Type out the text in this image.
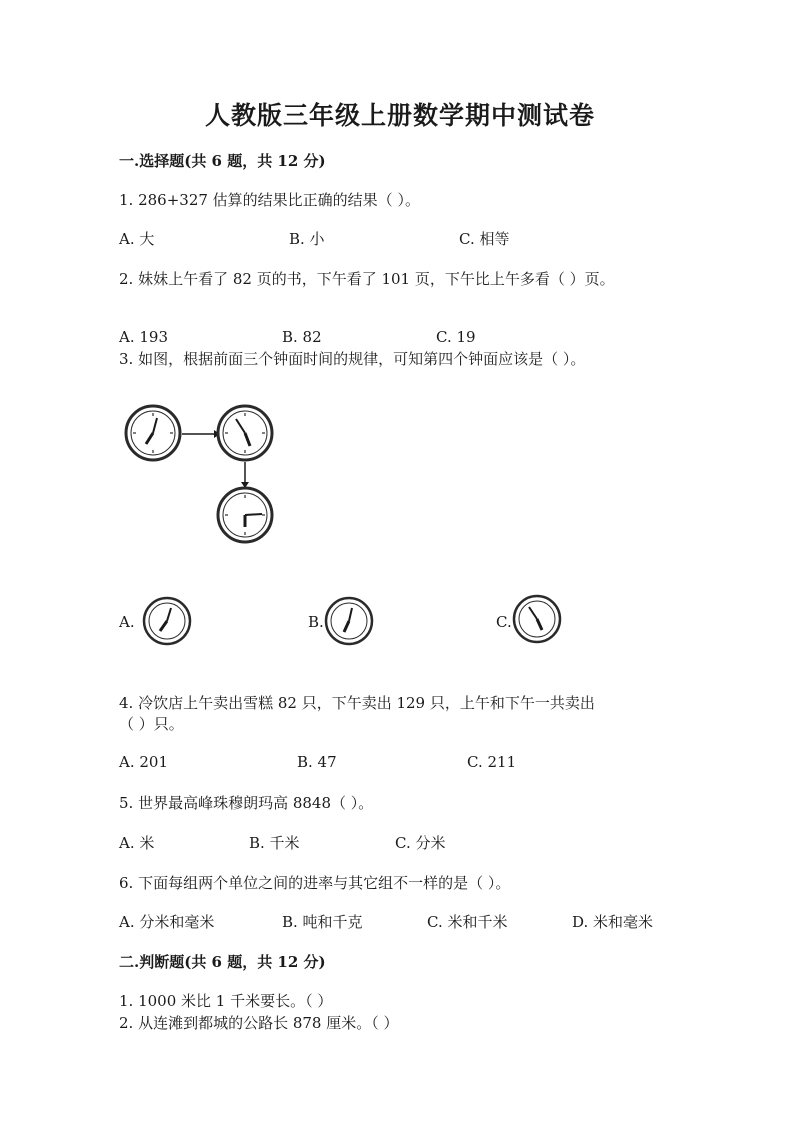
人教版三年级上册数学期中测试卷
一.选择题(共 6 题，共 12 分)
1. 286+327 估算的结果比正确的结果（ ）。
A. 大	B. 小	C. 相等
2. 妹妹上午看了 82 页的书，下午看了 101 页，下午比上午多看（ ）页。
A. 193	B. 82	C. 19
3. 如图，根据前面三个钟面时间的规律，可知第四个钟面应该是（ ）。
A.	B.	C.
4. 冷饮店上午卖出雪糕 82 只，下午卖出 129 只，上午和下午一共卖出
（ ）只。
A. 201	B. 47	C. 211
5. 世界最高峰珠穆朗玛高 8848（ ）。
A. 米	B. 千米	C. 分米
6. 下面每组两个单位之间的进率与其它组不一样的是（ ）。
A. 分米和毫米	B. 吨和千克	C. 米和千米	D. 米和毫米
二.判断题(共 6 题，共 12 分)
1. 1000 米比 1 千米要长。（ ）
2. 从连滩到都城的公路长 878 厘米。（ ）
